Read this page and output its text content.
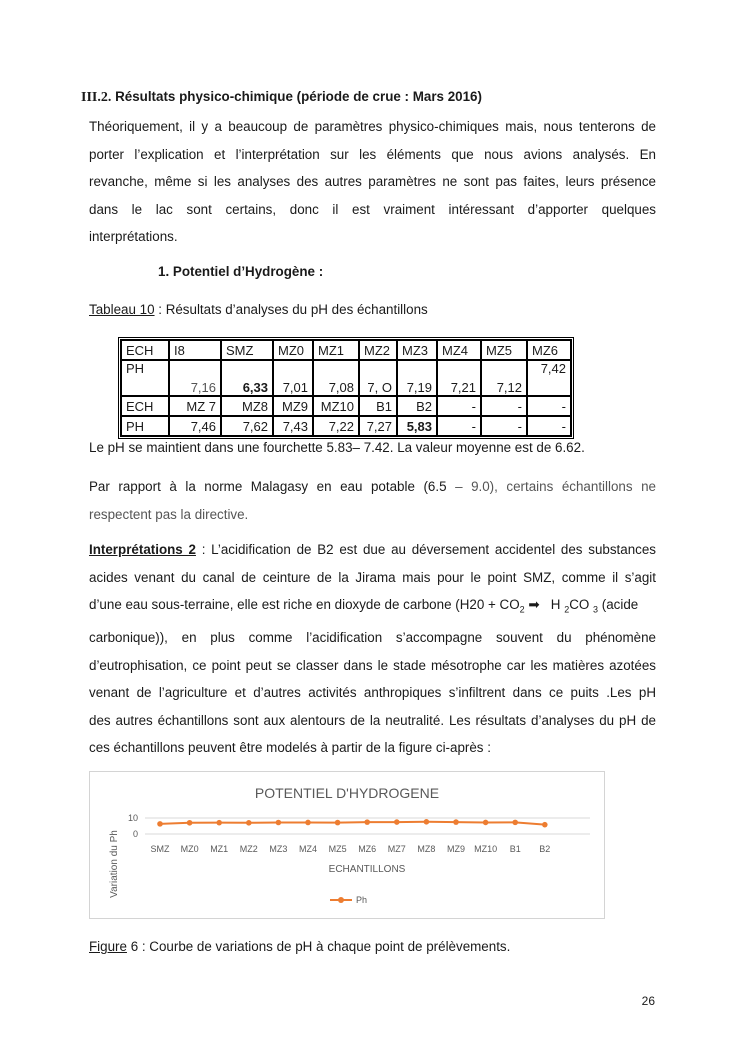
III.2. Résultats physico-chimique (période de crue : Mars 2016)
Théoriquement, il y a beaucoup de paramètres physico-chimiques mais, nous tenterons de
porter l’explication et l’interprétation sur les éléments que nous avions analysés. En
revanche, même si les analyses des autres paramètres ne sont pas faites, leurs présence
dans le lac sont certains, donc il est vraiment intéressant d’apporter quelques
interprétations.
1. Potentiel d’Hydrogène :
Tableau 10 : Résultats d’analyses du pH des échantillons
ECH	I8	SMZ	MZ0	MZ1	MZ2	MZ3	MZ4	MZ5	MZ6
PH	7,16	6,33	7,01	7,08	7, O	7,19	7,21	7,12	7,42
ECH	MZ 7	MZ8	MZ9	MZ10	B1	B2	-	-	-
PH	7,46	7,62	7,43	7,22	7,27	5,83	-	-	-
Le pH se maintient dans une fourchette 5.83– 7.42. La valeur moyenne est de 6.62.
Par rapport à la norme Malagasy en eau potable (6.5 – 9.0), certains échantillons ne
respectent pas la directive.
Interprétations 2 : L’acidification de B2 est due au déversement accidentel des substances
acides venant du canal de ceinture de la Jirama mais pour le point SMZ, comme il s’agit
d’une eau sous-terraine, elle est riche en dioxyde de carbone ($H20 + CO_2$ ➡ H $_2$CO $_3$ (acide
carbonique)), en plus comme l’acidification s’accompagne souvent du phénomène
d’eutrophisation, ce point peut se classer dans le stade mésotrophe car les matières azotées
venant de l’agriculture et d’autres activités anthropiques s’infiltrent dans ce puits .Les pH
des autres échantillons sont aux alentours de la neutralité. Les résultats d’analyses du pH de
ces échantillons peuvent être modelés à partir de la figure ci-après :
POTENTIEL D'HYDROGENE
Variation du Ph	ECHANTILLONS
10
0
SMZ MZ0 MZ1 MZ2 MZ3 MZ4 MZ5 MZ6 MZ7 MZ8 MZ9 MZ10 B1 B2
Ph
Figure 6 : Courbe de variations de pH à chaque point de prélèvements.
26
